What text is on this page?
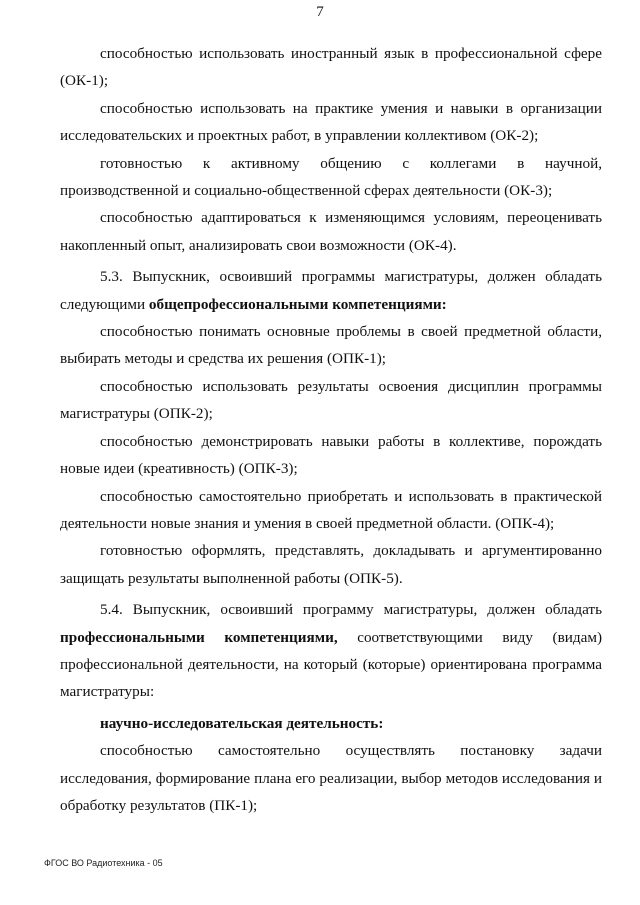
7

способностью использовать иностранный язык в профессиональной сфере (ОК-1);

способностью использовать на практике умения и навыки в организации исследовательских и проектных работ, в управлении коллективом (ОК-2);

готовностью к активному общению с коллегами в научной, производственной и социально-общественной сферах деятельности (ОК-3);

способностью адаптироваться к изменяющимся условиям, переоценивать накопленный опыт, анализировать свои возможности (ОК-4).

5.3. Выпускник, освоивший программы магистратуры, должен обладать следующими общепрофессиональными компетенциями:

способностью понимать основные проблемы в своей предметной области, выбирать методы и средства их решения (ОПК-1);

способностью использовать результаты освоения дисциплин программы магистратуры (ОПК-2);

способностью демонстрировать навыки работы в коллективе, порождать новые идеи (креативность) (ОПК-3);

способностью самостоятельно приобретать и использовать в практической деятельности новые знания и умения в своей предметной области. (ОПК-4);

готовностью оформлять, представлять, докладывать и аргументированно защищать результаты выполненной работы (ОПК-5).

5.4. Выпускник, освоивший программу магистратуры, должен обладать профессиональными компетенциями, соответствующими виду (видам) профессиональной деятельности, на который (которые) ориентирована программа магистратуры:

научно-исследовательская деятельность:

способностью самостоятельно осуществлять постановку задачи исследования, формирование плана его реализации, выбор методов исследования и обработку результатов (ПК-1);

ФГОС ВО Радиотехника - 05
